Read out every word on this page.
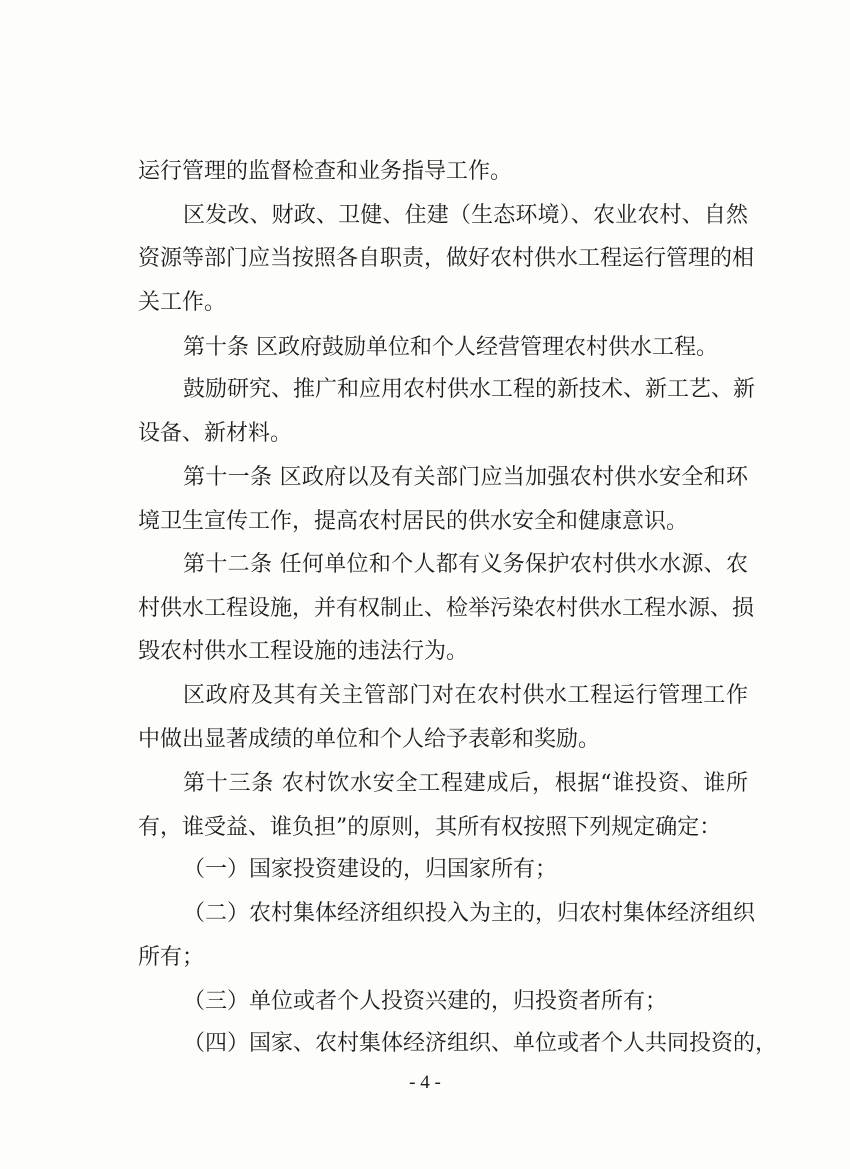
运行管理的监督检查和业务指导工作。
区发改、财政、卫健、住建（生态环境）、农业农村、自然
资源等部门应当按照各自职责，做好农村供水工程运行管理的相
关工作。
第十条 区政府鼓励单位和个人经营管理农村供水工程。
鼓励研究、推广和应用农村供水工程的新技术、新工艺、新
设备、新材料。
第十一条 区政府以及有关部门应当加强农村供水安全和环
境卫生宣传工作，提高农村居民的供水安全和健康意识。
第十二条 任何单位和个人都有义务保护农村供水水源、农
村供水工程设施，并有权制止、检举污染农村供水工程水源、损
毁农村供水工程设施的违法行为。
区政府及其有关主管部门对在农村供水工程运行管理工作
中做出显著成绩的单位和个人给予表彰和奖励。
第十三条 农村饮水安全工程建成后，根据“谁投资、谁所
有，谁受益、谁负担”的原则，其所有权按照下列规定确定：
（一）国家投资建设的，归国家所有；
（二）农村集体经济组织投入为主的，归农村集体经济组织
所有；
（三）单位或者个人投资兴建的，归投资者所有；
（四）国家、农村集体经济组织、单位或者个人共同投资的，
- 4 -
